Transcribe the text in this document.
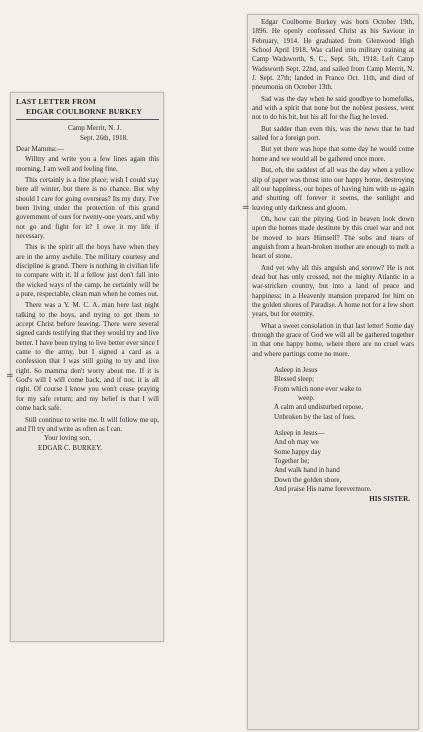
LAST LETTER FROM

EDGAR COULBORNE BURKEY

Camp Merrit, N. J.

Sept. 26th, 1918.

Dear Mamma:—

Willtry and write you a few lines again this morning. I am well and feeling fine.

This certainly is a fine place; wish I could stay here all winter, but there is no chance. But why should I care for going overseas? Its my duty. I've been living under the protection of this grand government of ours for twenty-one years, and why not go and fight for it? I owe it my life if necessary.

This is the spirit all the boys have when they are in the army awhile. The military courtesy and discipline is grand. There is nothing in civilian life to compare with it. If a fellow just don't fall into the wicked ways of the camp, he certainly will be a pure, respectable, clean man when he comes out.

There was a Y. M. C. A. man here last night talking to the boys, and trying to get them to accept Christ before leaving. There were several signed cards testifying that they would try and live better. I have been trying to live better ever since I came to the army, but I signed a card as a confession that I was still going to try and live right. So mamma don't worry about me. If it is God's will I will come back, and if not, it is all right. Of course I know you won't cease praying for my safe return; and my belief is that I will come back safe.

Still continue to write me. It will follow me up, and I'll try and write as often as I can.

Your loving son,

EDGAR C. BURKEY.

Edgar Coulborne Burkey was born October 19th, 1896. He openly confessed Christ as his Saviour in February, 1914. He graduated from Glenwood High School April 1918. Was called into military training at Camp Wadsworth, S. C., Sept. 5th, 1918. Left Camp Wadsworth Sept. 22nd, and sailed from Camp Merrit, N. J. Sept. 27th; landed in France Oct. 11th, and died of pneumonia on October 13th.

Sad was the day when he said goodbye to homefolks, and with a spirit that none but the noblest possess, went not to do his bit, but his all for the flag he loved.

But sadder than even this, was the news that he had sailed for a foreign port.

But yet there was hope that some day he would come home and we would all be gathered once more.

But, oh, the saddest of all was the day when a yellow slip of paper was thrust into our happy home, destroying all our happiness, our hopes of having him with us again and shutting off forever it seems, the sunlight and leaving only darkness and gloom.

Oh, how can the pitying God in heaven look down upon the homes made destitute by this cruel war and not be moved to tears Himself? The sobs and tears of anguish from a heart-broken mother are enough to melt a heart of stone.

And yet why all this anguish and sorrow? He is not dead but has only crossed, not the mighty Atlantic in a war-stricken country, but into a land of peace and happiness; in a Heavenly mansion prepared for him on the golden shores of Paradise. A home not for a few short years, but for eternity.

What a sweet consolation in that last letter! Some day through the grace of God we will all be gathered together in that one happy home, where there are no cruel wars and where partings come no more.

Asleep in Jesus

Blessed sleep;

From which none ever wake to

weep.

A calm and undisturbed repose,

Unbroken by the last of foes.

Asleep in Jesus—

And oh may we

Some happy day

Together be;

And walk hand in hand

Down the golden shore,

And praise His name forevermore.

HIS SISTER.

=
=
